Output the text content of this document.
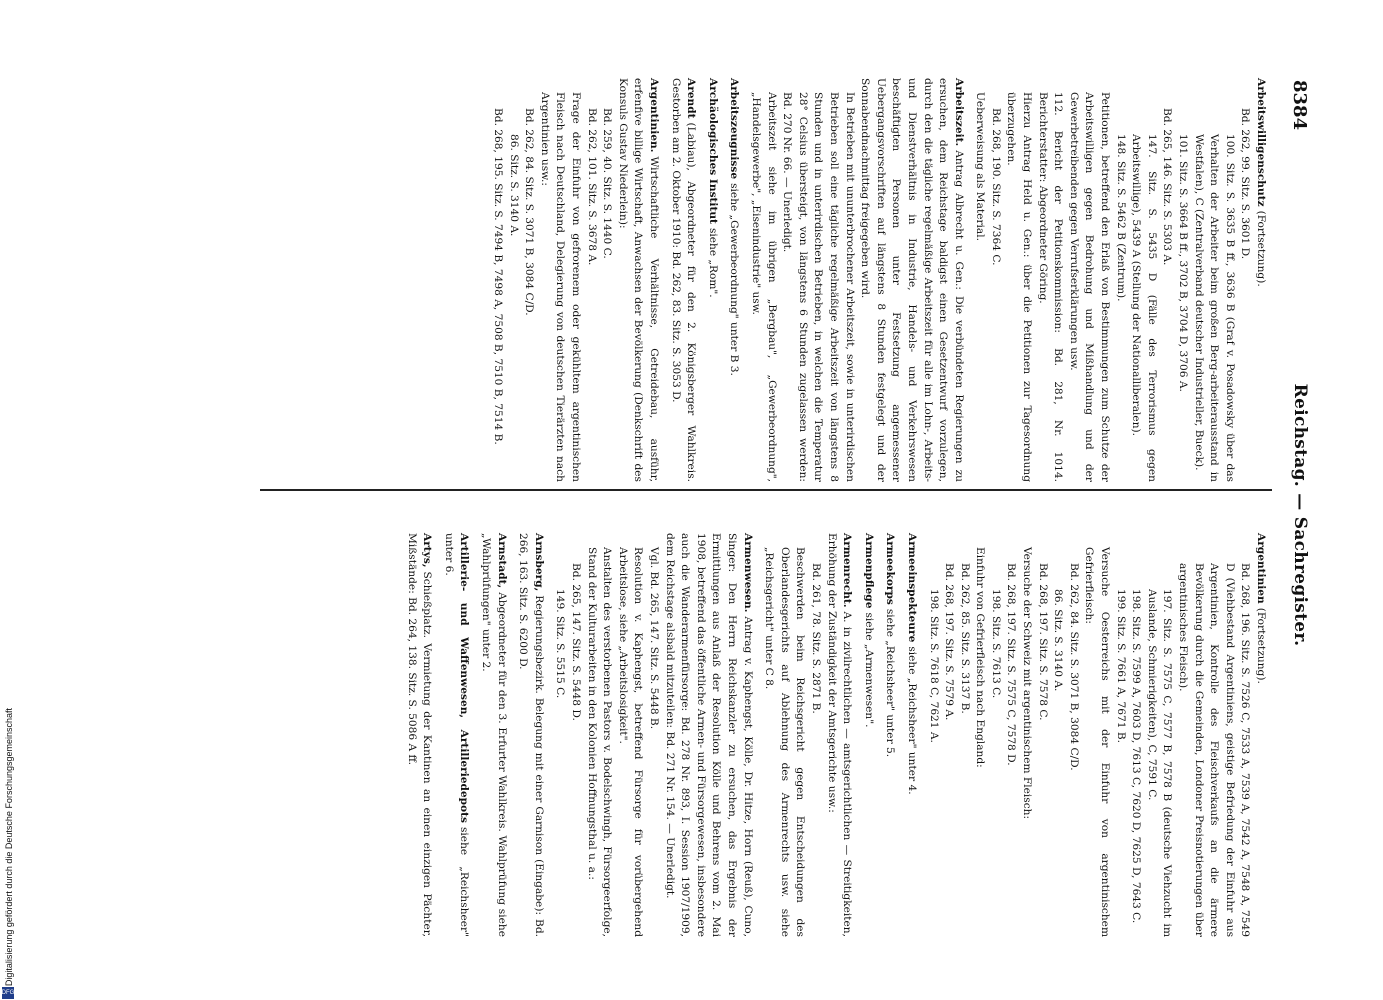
8384
Reichstag. — Sachregister.
Arbeitswilligenschutz(Fortsetzung).
Bd. 262, 99. Sitz. S. 3601 D.
100. Sitz. S. 3635 B ff., 3636 B (Graf v. Posadowsky über das Verhalten der Arbeiter beim großen Berg-arbeiterausstand in Westfalen), C (Zentralverband deutscher Industrieller, Bueck).
101. Sitz. S. 3664 B ff., 3702 B, 3704 D, 3706 A.
Bd. 265, 146. Sitz. S. 5303 A.
147. Sitz. S. 5435 D (Fälle des Terrorismus gegen Arbeitswillige), 5439 A (Stellung der Nationalliberalen).
148. Sitz. S. 5462 B (Zentrum).
Petitionen, betreffend den Erlaß von Bestimmungen zum Schutze der Arbeitswilligen gegen Bedrohung und Mißhandlung und der Gewerbetreibenden gegen Verrufserklärungen usw.
112. Bericht der Petitionskommission: Bd. 281, Nr. 1014. Berichterstatter: Abgeordneter Göring.
Hierzu Antrag Held u. Gen.: über die Petitionen zur Tagesordnung überzugehen.
Bd. 268, 190. Sitz. S. 7364 C.
Ueberweisung als Material.
Arbeitszeit.Antrag Albrecht u. Gen.: Die verbündeten Regierungen zu ersuchen, dem Reichstage baldigst einen Gesetzentwurf vorzulegen, durch den die tägliche regelmäßige Arbeitszeit für alle im Lohn-, Arbeits- und Dienstverhältnis in Industrie, Handels- und Verkehrswesen beschäftigten Personen unter Festsetzung angemessener Uebergangsvorschriften auf längstens 8 Stunden festgelegt und der Sonnabendnachmittag freigegeben wird.
In Betrieben mit ununterbrochener Arbeitszeit, sowie in unterirdischen Betrieben soll eine tägliche regelmäßige Arbeitszeit von längstens 8 Stunden und in unterirdischen Betrieben, in welchen die Temperatur 28° Celsius übersteigt, von längstens 6 Stunden zugelassen werden: Bd. 270 Nr. 66. — Unerledigt.
Arbeitszeit siehe im übrigen „Bergbau", „Gewerbeordnung", „Handelsgewerbe", „Eisenindustrie" usw.
Arbeitszeugnissesiehe „Gewerbeordnung" unter B 3.
Archäologisches Institutsiehe „Rom".
Arendt(Labiau), Abgeordneter für den 2. Königsberger Wahlkreis. Gestorben am 2. Oktober 1910: Bd. 262, 83. Sitz. S. 3053 D.
Argentinien.Wirtschaftliche Verhältnisse, Getreidebau, ausführ, erfenfive billige Wirtschaft, Anwachsen der Bevölkerung (Denkschrift des Konsuls Gustav Niederlein):
Bd. 259, 40. Sitz. S. 1440 C.
Bd. 262, 101. Sitz. S. 3678 A.
Frage der Einfuhr von gefrorenem oder gekühltem argentinischen Fleisch nach Deutschland, Delegierung von deutschen Tierärzten nach Argentinien usw.:
Bd. 262, 84. Sitz. S. 3071 B, 3084 C/D.
86. Sitz. S. 3140 A.
Bd. 268, 195. Sitz. S. 7494 B, 7498 A, 7508 B, 7510 B, 7514 B.
Argentinien(Fortsetzung).
Bd. 268, 196. Sitz. S. 7526 C, 7533 A, 7539 A, 7542 A, 7548 A, 7549 D (Viehbestand Argentiniens, geistige Befriedung der Einfuhr aus Argentinien, Kontrolle des Fleischverkaufs an die ärmere Bevölkerung durch die Gemeinden, Londoner Preisnotierungen über argentinisches Fleisch).
197. Sitz. S. 7575 C, 7577 B, 7578 B (deutsche Viehzucht im Auslande, Schmierigkeiten), C, 7591 C.
198. Sitz. S. 7599 A, 7603 D, 7613 C, 7620 D, 7625 D, 7643 C.
199. Sitz. S. 7661 A, 7671 B.
Versuche Oesterreichs mit der Einfuhr von argentinischem Gefrierfleisch:
Bd. 262, 84. Sitz. S. 3071 B, 3084 C/D.
86. Sitz. S. 3140 A.
Bd. 268, 197. Sitz. S. 7578 C.
Versuche der Schweiz mit argentinischem Fleisch:
Bd. 268, 197. Sitz. S. 7575 C, 7578 D.
198. Sitz. S. 7613 C.
Einfuhr von Gefrierfleisch nach England:
Bd. 262, 85. Sitz. S. 3137 B.
Bd. 268, 197. Sitz. S. 7579 A.
198. Sitz. S. 7618 C, 7621 A.
Armeeinspekteuresiehe „Reichsheer" unter 4.
Armeekorpssiehe „Reichsheer" unter 5.
Armenpflegesiehe „Armenwesen".
Armenrecht.A. in zivilrechtlichen — amtsgerichtlichen — Streitigkeiten, Erhöhung der Zuständigkeit der Amtsgerichte usw.:
Bd. 261, 78. Sitz. S. 2871 B.
Beschwerden beim Reichsgericht gegen Entscheidungen des Oberlandesgerichts auf Ablehnung des Armenrechts usw. siehe „Reichsgericht" unter C 8.
Armenwesen.Antrag v. Kaphengst, Kölle, Dr. Hitze, Horn (Reuß), Cuno, Singer: Den Herrn Reichskanzler zu ersuchen, das Ergebnis der Ermittlungen aus Anlaß der Resolution Kölle und Behrens vom 2. Mai 1908, betreffend das öffentliche Armen- und Fürsorgewesen, insbesondere auch die Wanderarmenfürsorge: Bd. 278 Nr. 893, I. Session 1907/1909, dem Reichstage alsbald mitzuteilen: Bd. 271 Nr. 154. — Unerledigt.
Vgl. Bd. 265, 147. Sitz. S. 5448 B.
Resolution v. Kaphengst, betreffend Fürsorge für vorübergehend Arbeitslose, siehe „Arbeitslosigkeit".
Anstalten des verstorbenen Pastors v. Bodelschwingh, Fürsorgeerfolge, Stand der Kulturarbeiten in den Kolonien Hoffnungsthal u. a.:
Bd. 265, 147. Sitz. S. 5448 D.
149. Sitz. S. 5515 C.
Arnsberg,Regierungsbezirk. Belegung mit einer Garnison (Eingabe): Bd. 266, 163. Sitz. S. 6200 D.
Arnstadt,Abgeordneter für den 3. Erfurter Wahlkreis. Wahlprüfung siehe „Wahlprüfungen" unter 2.
Artillerie- und Waffenwesen, Artilleriedepotssiehe „Reichsheer" unter 6.
Artys,Schießplatz. Vermietung der Kantinen an einen einzigen Pächter, Mißstände: Bd. 264, 138. Sitz. S. 5086 A ff.
Digitalisierung gefördert durch die Deutsche Forschungsgemeinschaft
DFG
